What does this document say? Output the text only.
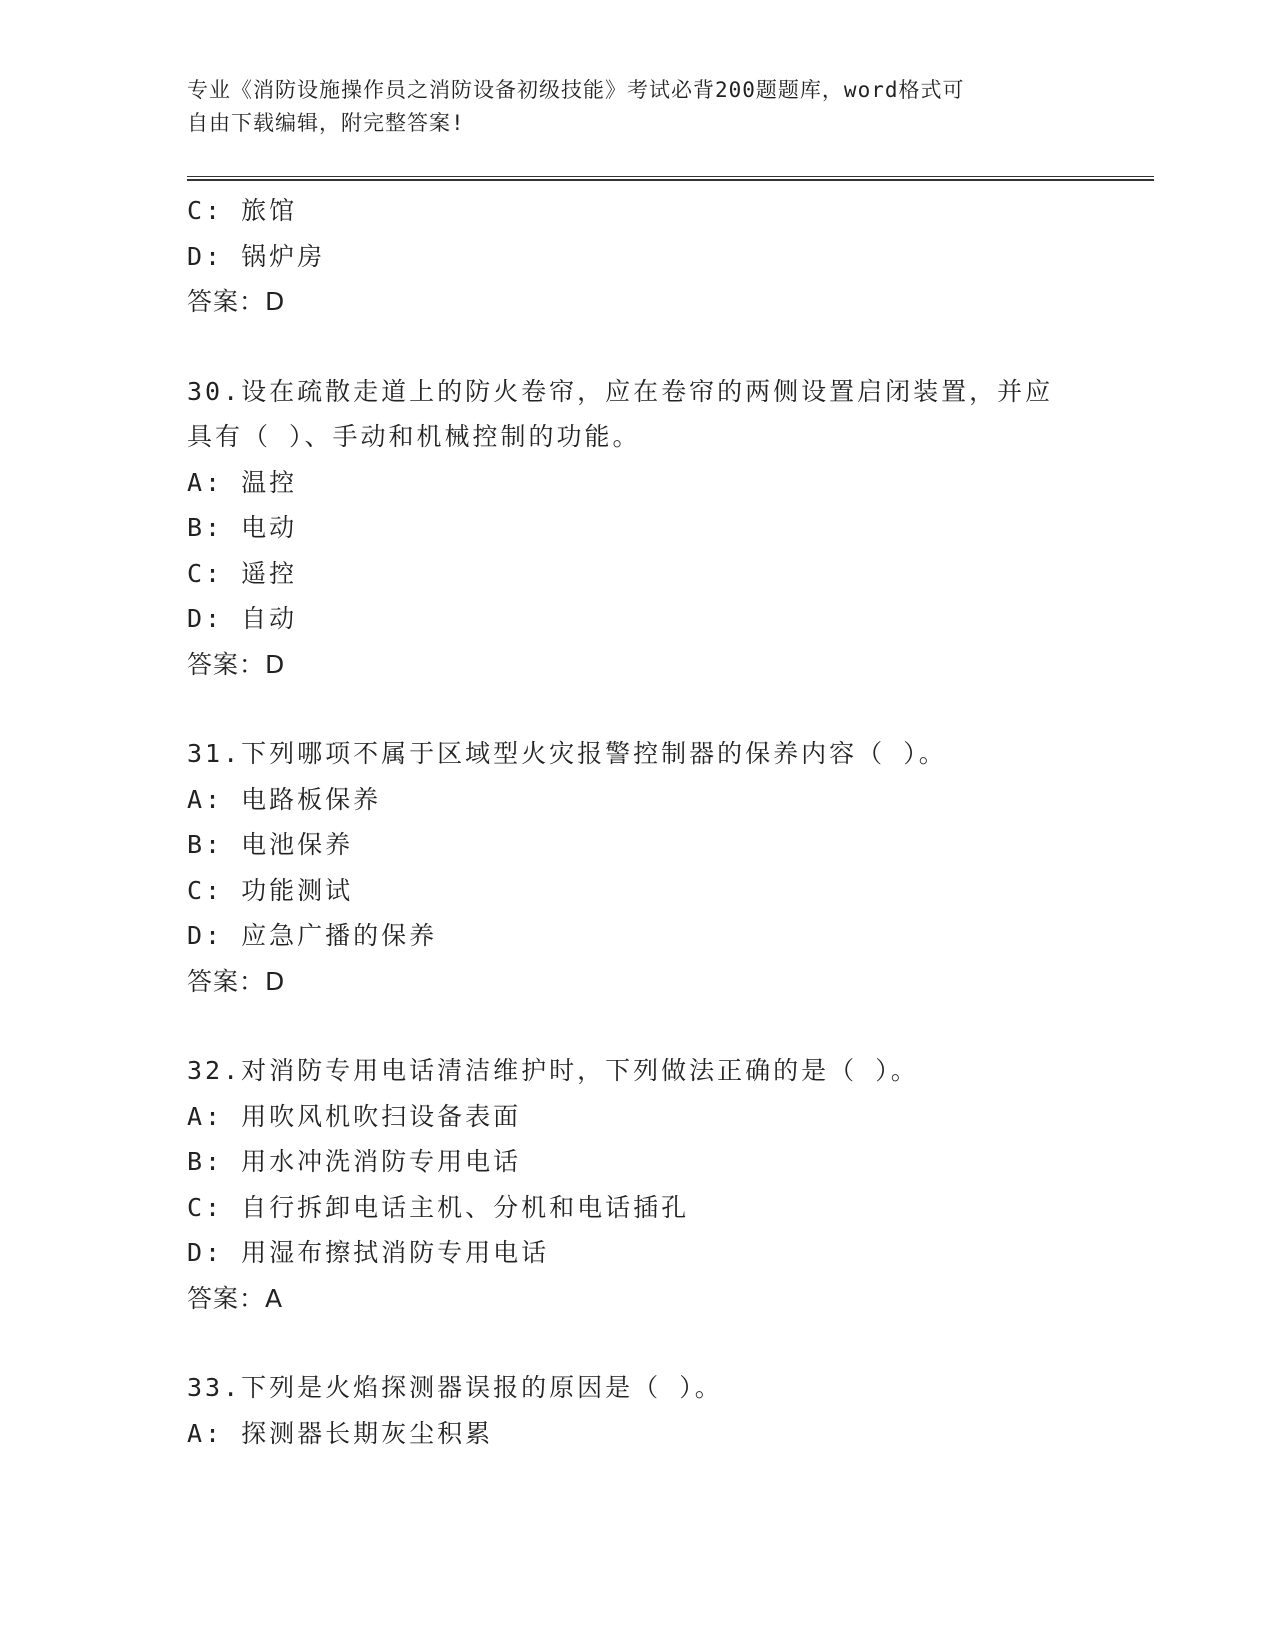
专业《消防设施操作员之消防设备初级技能》考试必背200题题库，word格式可
自由下载编辑，附完整答案!
C: 旅馆
D: 锅炉房
答案：D
30.设在疏散走道上的防火卷帘，应在卷帘的两侧设置启闭装置，并应
具有（ ）、手动和机械控制的功能。
A: 温控
B: 电动
C: 遥控
D: 自动
答案：D
31.下列哪项不属于区域型火灾报警控制器的保养内容（ ）。
A: 电路板保养
B: 电池保养
C: 功能测试
D: 应急广播的保养
答案：D
32.对消防专用电话清洁维护时，下列做法正确的是（ ）。
A: 用吹风机吹扫设备表面
B: 用水冲洗消防专用电话
C: 自行拆卸电话主机、分机和电话插孔
D: 用湿布擦拭消防专用电话
答案：A
33.下列是火焰探测器误报的原因是（ ）。
A: 探测器长期灰尘积累
